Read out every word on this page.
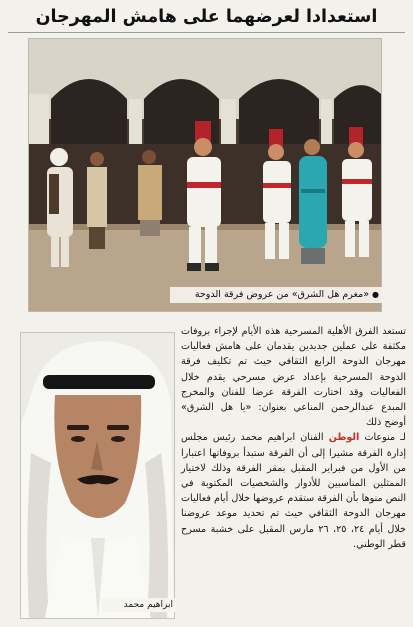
استعدادا لعرضهما على هامش المهرجان
●«مغرم هل الشرق» من عروض فرقة الدوحة
ابراهيم محمد

تستعد الفرق الأهلية المسرحية هذه الأيام لإجراء بروفات مكثفة على عملين جديدين يقدمان على هامش فعاليات مهرجان الدوحة الرابع الثقافي حيث تم تكليف فرقة الدوحة المسرحية بإعداد عرض مسرحي يقدم خلال الفعاليات وقد اختارت الفرقة عرضا للفنان والمخرج المبدع عبدالرحمن المناعي بعنوان: «يا هل الشرق» أوضح ذلك

لـ منوعات الوطن الفنان ابراهيم محمد رئيس مجلس إدارة الفرقة مشيرا إلى أن الفرقة ستبدأ بروفاتها اعتبارا من الأول من فبراير المقبل بمقر الفرقة وذلك لاختيار الممثلين المناسبين للأدوار والشخصيات المكتوبة في النص منوها بأن الفرقة ستقدم عروضها خلال أيام فعاليات مهرجان الدوحة الثقافي حيث تم تحديد موعد عروضنا خلال أيام ٢٤، ٢٥، ٢٦ مارس المقبل على خشبة مسرح قطر الوطني.
